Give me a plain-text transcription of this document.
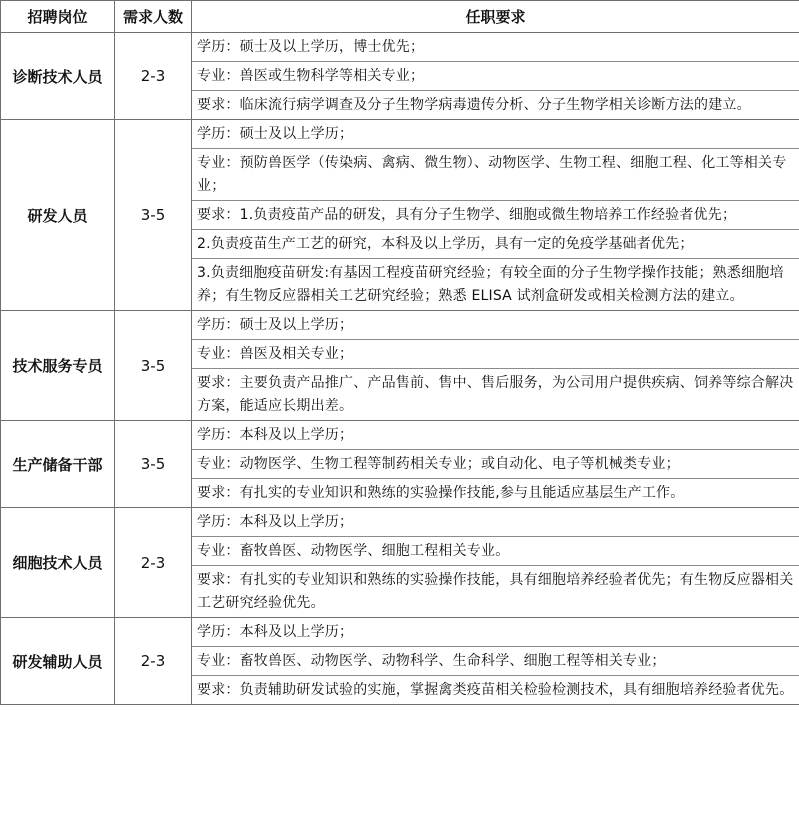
招聘岗位	需求人数	任职要求
诊断技术人员	2-3	学历：硕士及以上学历，博士优先；
专业：兽医或生物科学等相关专业；
要求：临床流行病学调查及分子生物学病毒遗传分析、分子生物学相关诊断方法的建立。

研发人员	3-5	学历：硕士及以上学历；
专业：预防兽医学（传染病、禽病、微生物）、动物医学、生物工程、细胞工程、化工等相关专业；
要求：1.负责疫苗产品的研发，具有分子生物学、细胞或微生物培养工作经验者优先；
2.负责疫苗生产工艺的研究，本科及以上学历，具有一定的免疫学基础者优先；
3.负责细胞疫苗研发:有基因工程疫苗研究经验；有较全面的分子生物学操作技能；熟悉细胞培养；有生物反应器相关工艺研究经验；熟悉 ELISA 试剂盒研发或相关检测方法的建立。

技术服务专员	3-5	学历：硕士及以上学历；
专业：兽医及相关专业；
要求：主要负责产品推广、产品售前、售中、售后服务，为公司用户提供疾病、饲养等综合解决方案，能适应长期出差。

生产储备干部	3-5	学历：本科及以上学历；
专业：动物医学、生物工程等制药相关专业；或自动化、电子等机械类专业；
要求：有扎实的专业知识和熟练的实验操作技能,参与且能适应基层生产工作。

细胞技术人员	2-3	学历：本科及以上学历；
专业：畜牧兽医、动物医学、细胞工程相关专业。
要求：有扎实的专业知识和熟练的实验操作技能，具有细胞培养经验者优先；有生物反应器相关工艺研究经验优先。

研发辅助人员	2-3	学历：本科及以上学历；
专业：畜牧兽医、动物医学、动物科学、生命科学、细胞工程等相关专业；
要求：负责辅助研发试验的实施，掌握禽类疫苗相关检验检测技术，具有细胞培养经验者优先。
